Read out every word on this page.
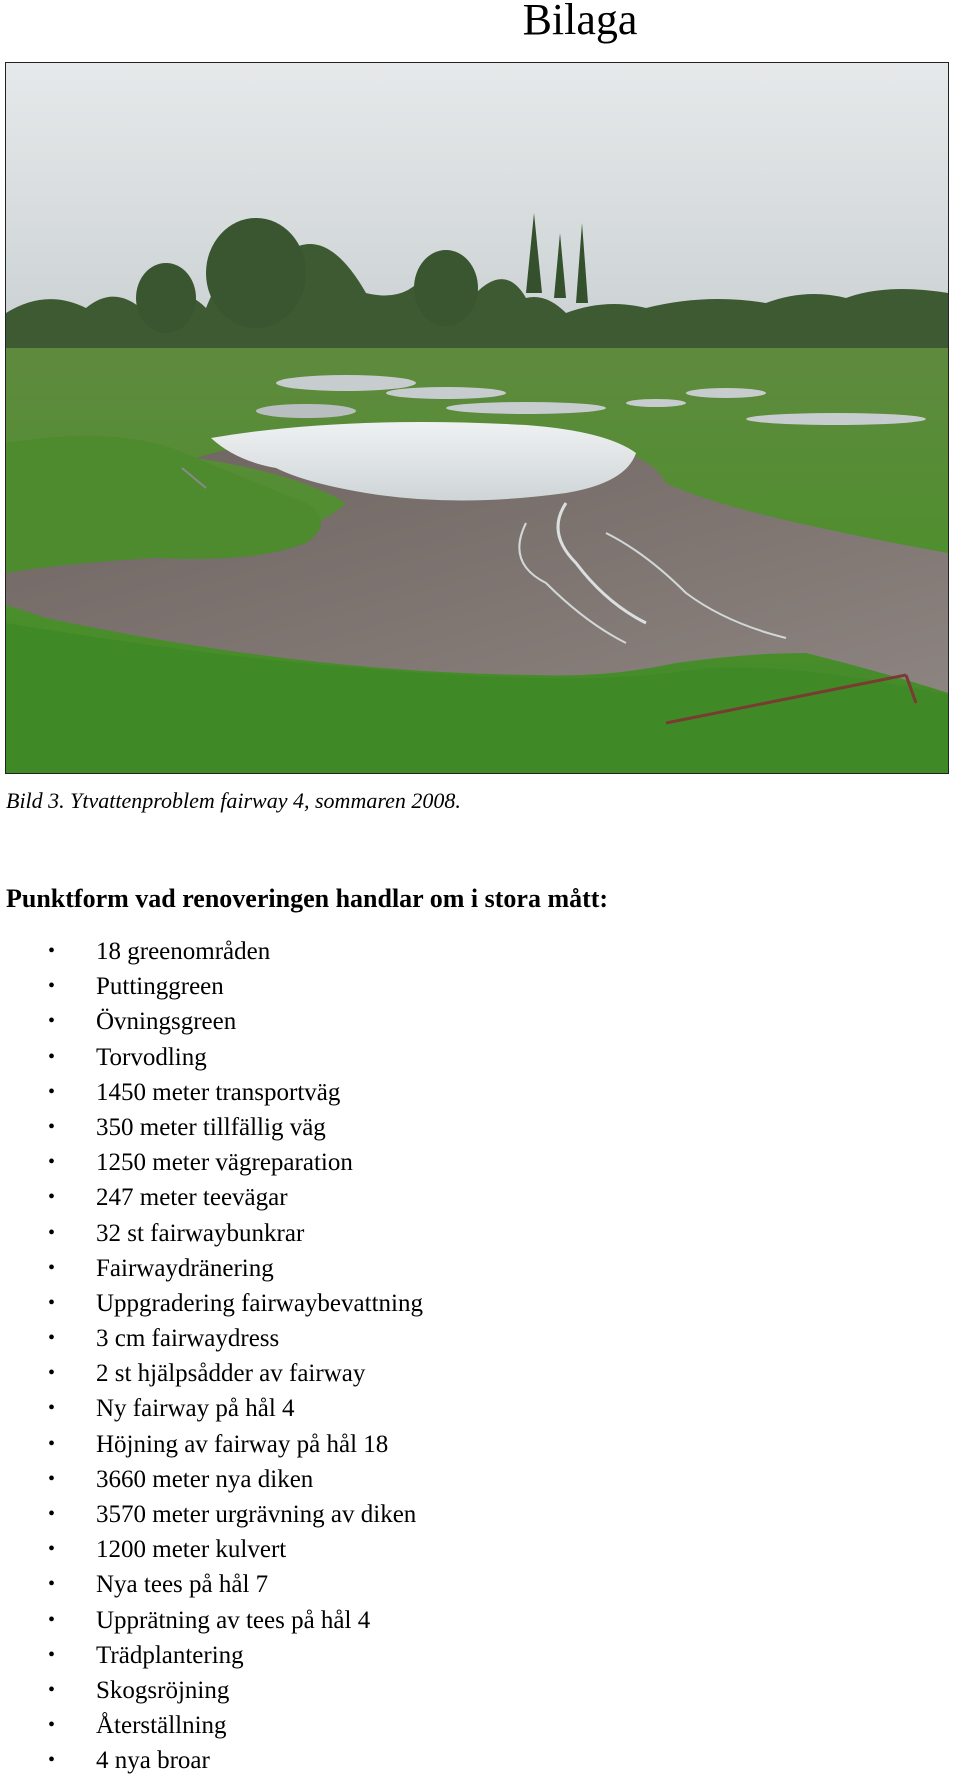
Bilaga

Bild 3. Ytvattenproblem fairway 4, sommaren 2008.

Punktform vad renoveringen handlar om i stora mått:
• 18 greenområden
• Puttinggreen
• Övningsgreen
• Torvodling
• 1450 meter transportväg
• 350 meter tillfällig väg
• 1250 meter vägreparation
• 247 meter teevägar
• 32 st fairwaybunkrar
• Fairwaydränering
• Uppgradering fairwaybevattning
• 3 cm fairwaydress
• 2 st hjälpsådder av fairway
• Ny fairway på hål 4
• Höjning av fairway på hål 18
• 3660 meter nya diken
• 3570 meter urgrävning av diken
• 1200 meter kulvert
• Nya tees på hål 7
• Upprätning av tees på hål 4
• Trädplantering
• Skogsröjning
• Återställning
• 4 nya broar
